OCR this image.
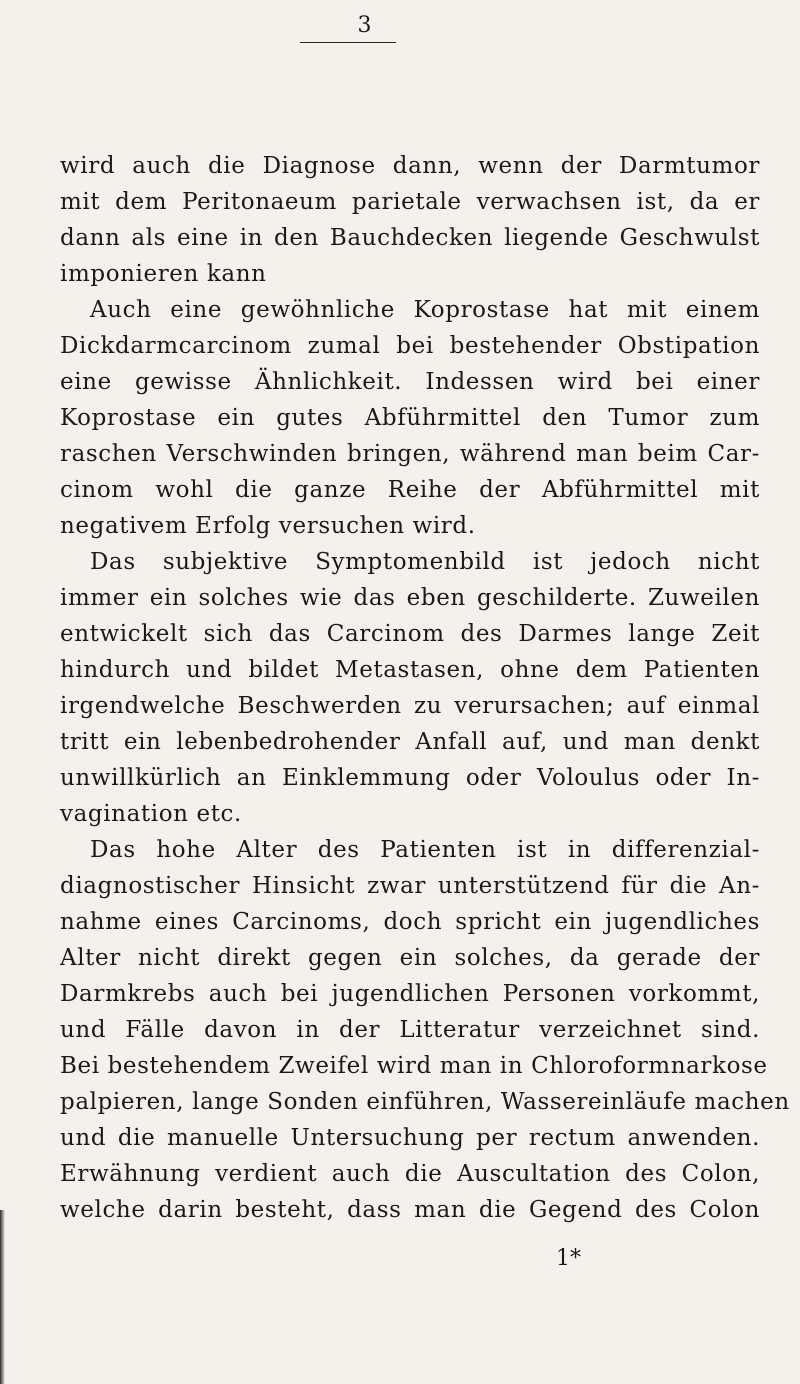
3
wird auch die Diagnose dann, wenn der Darmtumor
mit dem Peritonaeum parietale verwachsen ist, da er
dann als eine in den Bauchdecken liegende Geschwulst
imponieren kann
Auch eine gewöhnliche Koprostase hat mit einem
Dickdarmcarcinom zumal bei bestehender Obstipation
eine gewisse Ähnlichkeit. Indessen wird bei einer
Koprostase ein gutes Abführmittel den Tumor zum
raschen Verschwinden bringen, während man beim Car-
cinom wohl die ganze Reihe der Abführmittel mit
negativem Erfolg versuchen wird.
Das subjektive Symptomenbild ist jedoch nicht
immer ein solches wie das eben geschilderte. Zuweilen
entwickelt sich das Carcinom des Darmes lange Zeit
hindurch und bildet Metastasen, ohne dem Patienten
irgendwelche Beschwerden zu verursachen; auf einmal
tritt ein lebenbedrohender Anfall auf, und man denkt
unwillkürlich an Einklemmung oder Voloulus oder In-
vagination etc.
Das hohe Alter des Patienten ist in differenzial-
diagnostischer Hinsicht zwar unterstützend für die An-
nahme eines Carcinoms, doch spricht ein jugendliches
Alter nicht direkt gegen ein solches, da gerade der
Darmkrebs auch bei jugendlichen Personen vorkommt,
und Fälle davon in der Litteratur verzeichnet sind.
Bei bestehendem Zweifel wird man in Chloroformnarkose
palpieren, lange Sonden einführen, Wassereinläufe machen
und die manuelle Untersuchung per rectum anwenden.
Erwähnung verdient auch die Auscultation des Colon,
welche darin besteht, dass man die Gegend des Colon
1*
